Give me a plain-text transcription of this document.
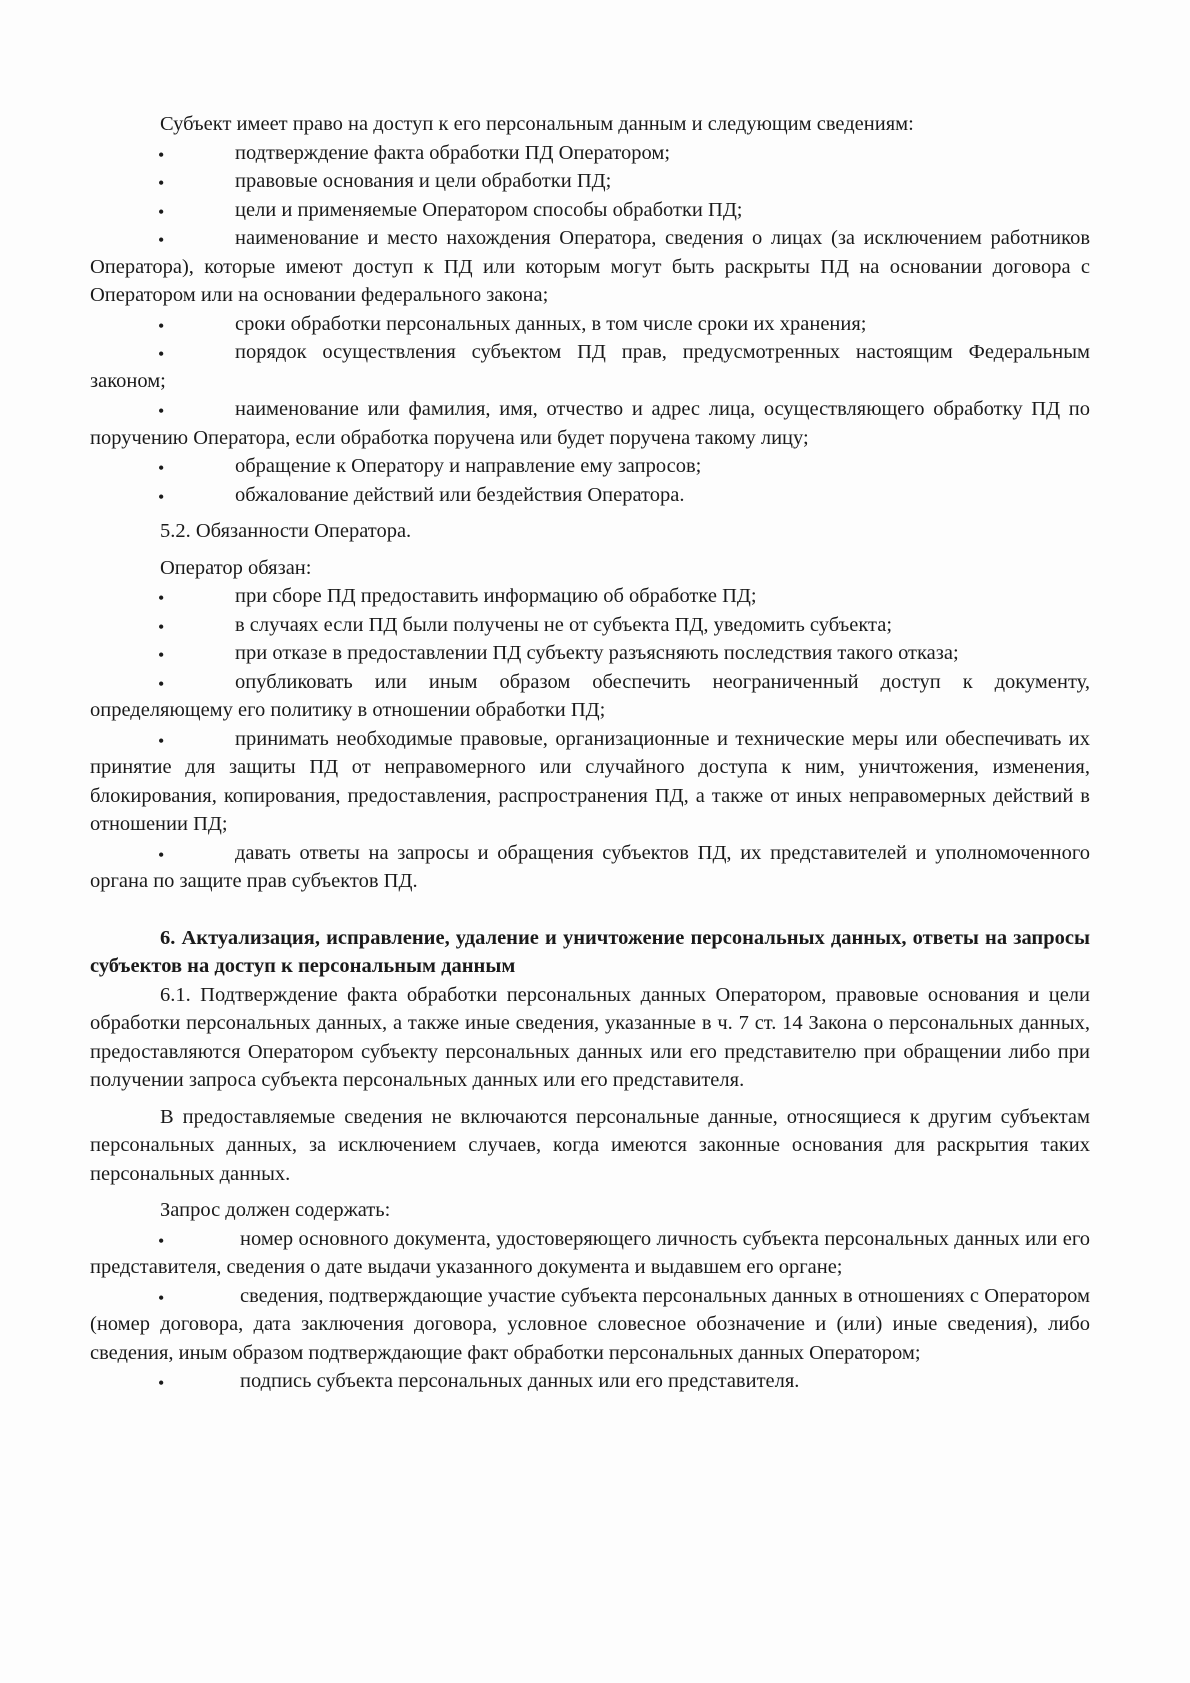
Субъект имеет право на доступ к его персональным данным и следующим сведениям:

• подтверждение факта обработки ПД Оператором;
• правовые основания и цели обработки ПД;
• цели и применяемые Оператором способы обработки ПД;
• наименование и место нахождения Оператора, сведения о лицах (за исключением работников Оператора), которые имеют доступ к ПД или которым могут быть раскрыты ПД на основании договора с Оператором или на основании федерального закона;
• сроки обработки персональных данных, в том числе сроки их хранения;
• порядок осуществления субъектом ПД прав, предусмотренных настоящим Федеральным законом;
• наименование или фамилия, имя, отчество и адрес лица, осуществляющего обработку ПД по поручению Оператора, если обработка поручена или будет поручена такому лицу;
• обращение к Оператору и направление ему запросов;
• обжалование действий или бездействия Оператора.

5.2. Обязанности Оператора.

Оператор обязан:

• при сборе ПД предоставить информацию об обработке ПД;
• в случаях если ПД были получены не от субъекта ПД, уведомить субъекта;
• при отказе в предоставлении ПД субъекту разъясняють последствия такого отказа;
• опубликовать или иным образом обеспечить неограниченный доступ к документу, определяющему его политику в отношении обработки ПД;
• принимать необходимые правовые, организационные и технические меры или обеспечивать их принятие для защиты ПД от неправомерного или случайного доступа к ним, уничтожения, изменения, блокирования, копирования, предоставления, распространения ПД, а также от иных неправомерных действий в отношении ПД;
• давать ответы на запросы и обращения субъектов ПД, их представителей и уполномоченного органа по защите прав субъектов ПД.
6. Актуализация, исправление, удаление и уничтожение персональных данных, ответы на запросы субъектов на доступ к персональным данным

6.1. Подтверждение факта обработки персональных данных Оператором, правовые основания и цели обработки персональных данных, а также иные сведения, указанные в ч. 7 ст. 14 Закона о персональных данных, предоставляются Оператором субъекту персональных данных или его представителю при обращении либо при получении запроса субъекта персональных данных или его представителя.

В предоставляемые сведения не включаются персональные данные, относящиеся к другим субъектам персональных данных, за исключением случаев, когда имеются законные основания для раскрытия таких персональных данных.

Запрос должен содержать:

• номер основного документа, удостоверяющего личность субъекта персональных данных или его представителя, сведения о дате выдачи указанного документа и выдавшем его органе;
• сведения, подтверждающие участие субъекта персональных данных в отношениях с Оператором (номер договора, дата заключения договора, условное словесное обозначение и (или) иные сведения), либо сведения, иным образом подтверждающие факт обработки персональных данных Оператором;
• подпись субъекта персональных данных или его представителя.
